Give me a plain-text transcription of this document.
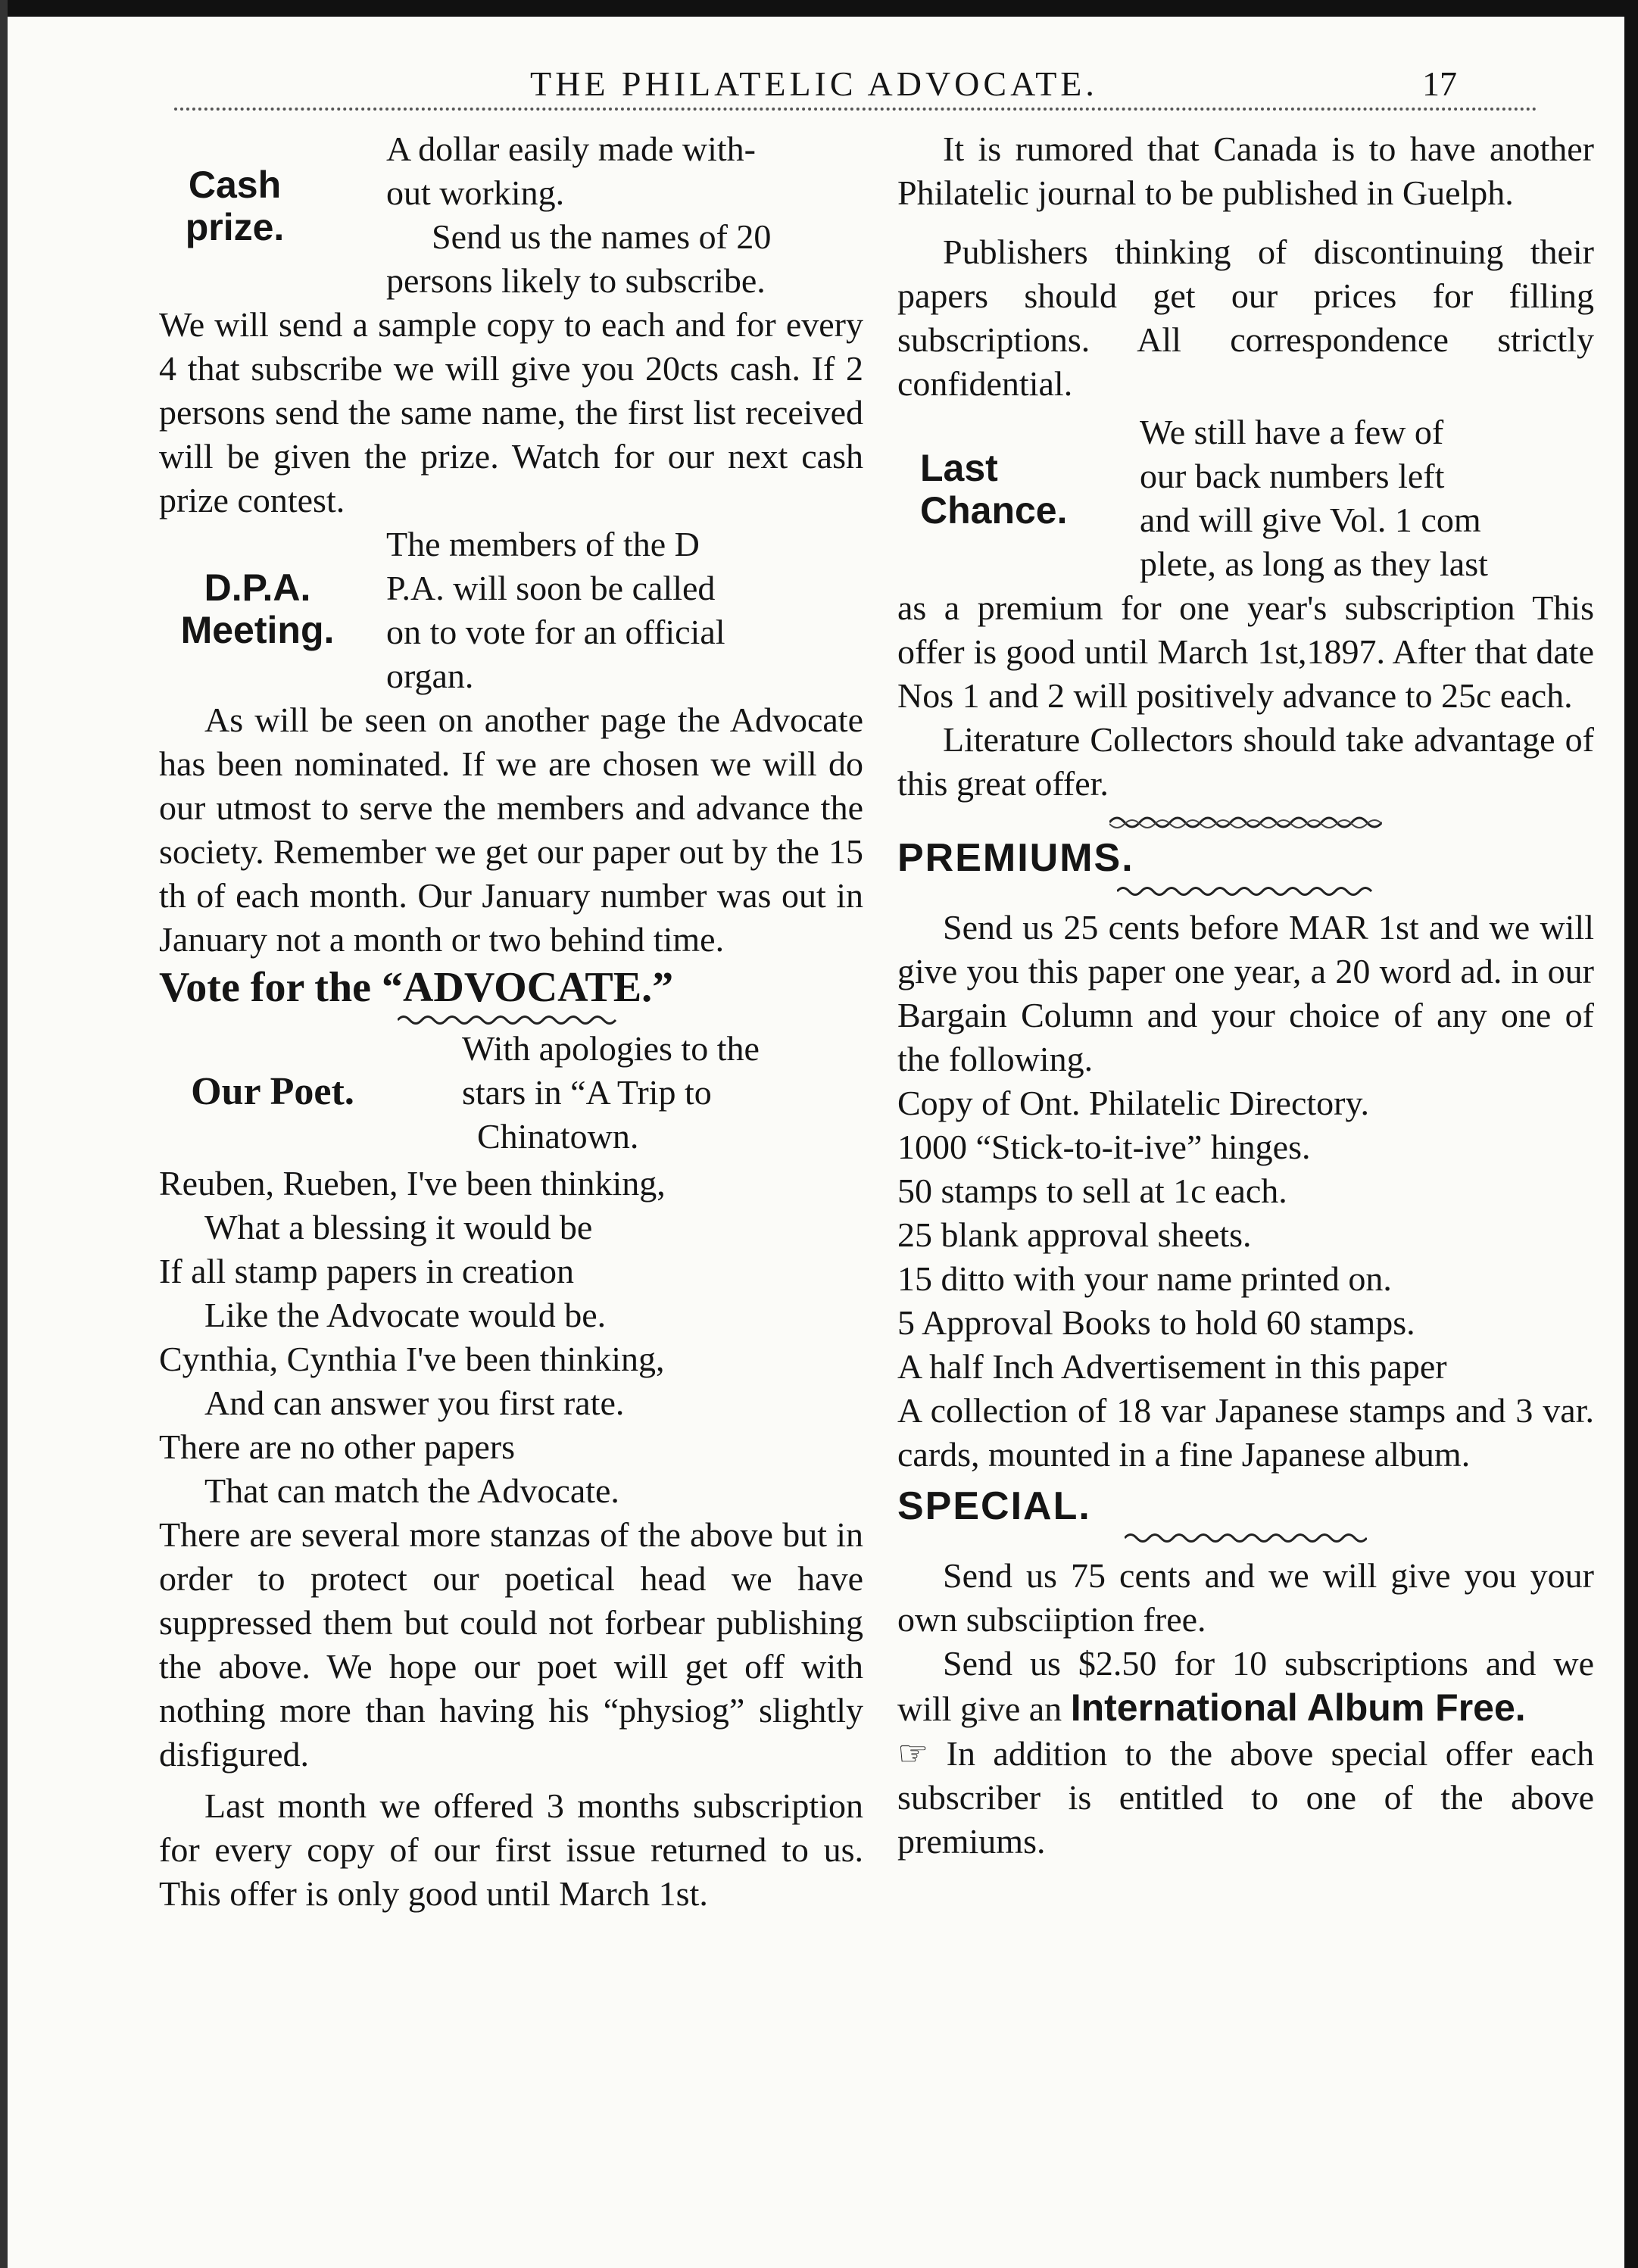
THE PHILATELIC ADVOCATE.	17
Cash
prize.

A dollar easily made with-

out working.

Send us the names of 20

persons likely to subscribe.

We will send a sample copy to each and for every 4 that subscribe we will give you 20cts cash. If 2 persons send the same name, the first list received will be given the prize. Watch for our next cash prize contest.

D.P.A.
Meeting.

The members of the D

P.A. will soon be called

on to vote for an official

organ.

As will be seen on another page the Advocate has been nominated. If we are chosen we will do our utmost to serve the members and advance the society. Remember we get our paper out by the 15 th of each month. Our January number was out in January not a month or two behind time.

Vote for the “ADVOCATE.”

Our Poet.

With apologies to the

stars in “A Trip to

Chinatown.

Reuben, Rueben, I've been thinking,

What a blessing it would be

If all stamp papers in creation

Like the Advocate would be.

Cynthia, Cynthia I've been thinking,

And can answer you first rate.

There are no other papers

That can match the Advocate.

There are several more stanzas of the above but in order to protect our poetical head we have suppressed them but could not forbear publishing the above. We hope our poet will get off with nothing more than having his “physiog” slightly disfigured.

Last month we offered 3 months subscription for every copy of our first issue returned to us. This offer is only good until March 1st.

It is rumored that Canada is to have another Philatelic journal to be published in Guelph.

Publishers thinking of discontinuing their papers should get our prices for filling subscriptions. All correspondence strictly confidential.

Last
Chance.

We still have a few of

our back numbers left

and will give Vol. 1 com

plete, as long as they last

as a premium for one year's subscription This offer is good until March 1st,1897. After that date Nos 1 and 2 will positively advance to 25c each.

Literature Collectors should take advantage of this great offer.

PREMIUMS.

Send us 25 cents before MAR 1st and we will give you this paper one year, a 20 word ad. in our Bargain Column and your choice of any one of the following.

Copy of Ont. Philatelic Directory.

1000 “Stick-to-it-ive” hinges.

50 stamps to sell at 1c each.

25 blank approval sheets.

15 ditto with your name printed on.

5 Approval Books to hold 60 stamps.

A half Inch Advertisement in this paper

A collection of 18 var Japanese stamps and 3 var. cards, mounted in a fine Japanese album.

SPECIAL.

Send us 75 cents and we will give you your own subsciiption free.

Send us $2.50 for 10 subscriptions and we will give an International Album Free.

☞ In addition to the above special offer each subscriber is entitled to one of the above premiums.
